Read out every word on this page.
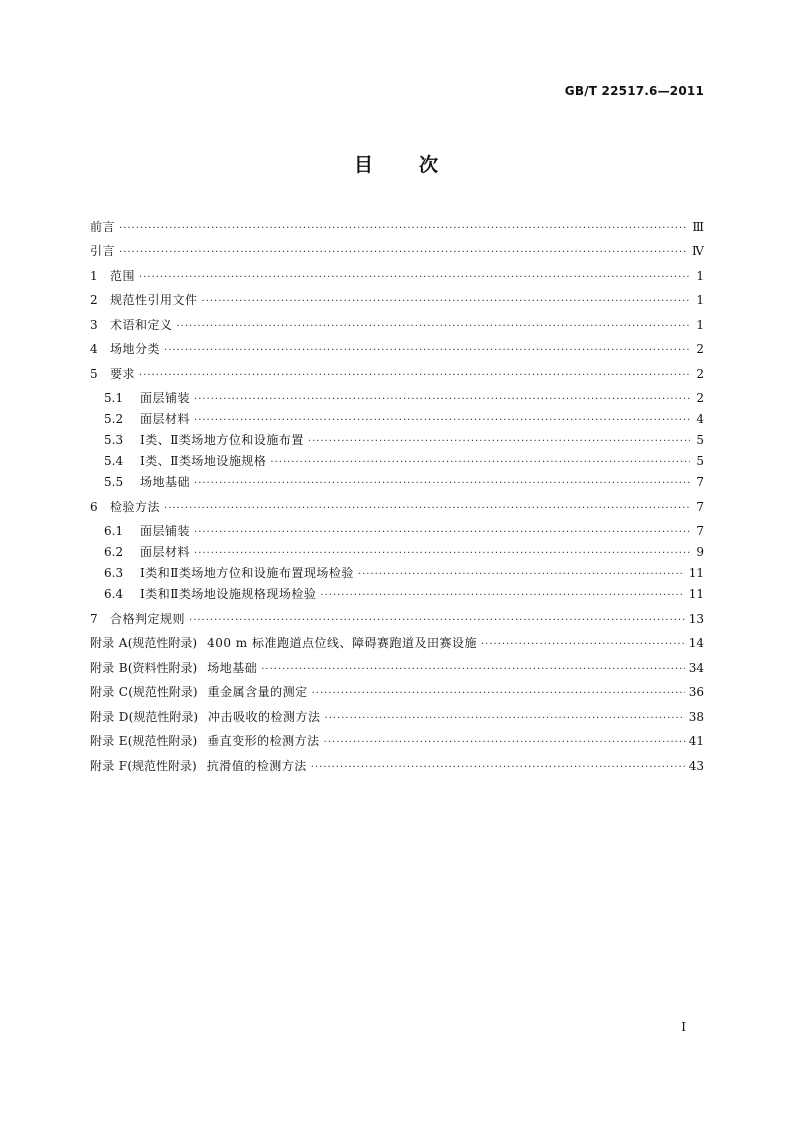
GB/T 22517.6—2011
目 次
前言 ·····	Ⅲ
引言 ·····	Ⅳ
1	范围 ·····	1
2	规范性引用文件 ·····	1
3	术语和定义 ·····	1
4	场地分类 ·····	2
5	要求 ·····	2
5.1	面层铺装 ·····	2
5.2	面层材料 ·····	4
5.3	Ⅰ类、Ⅱ类场地方位和设施布置 ·····	5
5.4	Ⅰ类、Ⅱ类场地设施规格 ·····	5
5.5	场地基础 ·····	7
6	检验方法 ·····	7
6.1	面层铺装 ·····	7
6.2	面层材料 ·····	9
6.3	Ⅰ类和Ⅱ类场地方位和设施布置现场检验 ·····	11
6.4	Ⅰ类和Ⅱ类场地设施规格现场检验 ·····	11
7	合格判定规则 ·····	13
附录 A (规范性附录) 400 m 标准跑道点位线、障碍赛跑道及田赛设施 ·····	14
附录 B (资料性附录) 场地基础 ·····	34
附录 C (规范性附录) 重金属含量的测定 ·····	36
附录 D (规范性附录) 冲击吸收的检测方法 ·····	38
附录 E (规范性附录) 垂直变形的检测方法 ·····	41
附录 F (规范性附录) 抗滑值的检测方法 ·····	43
I
